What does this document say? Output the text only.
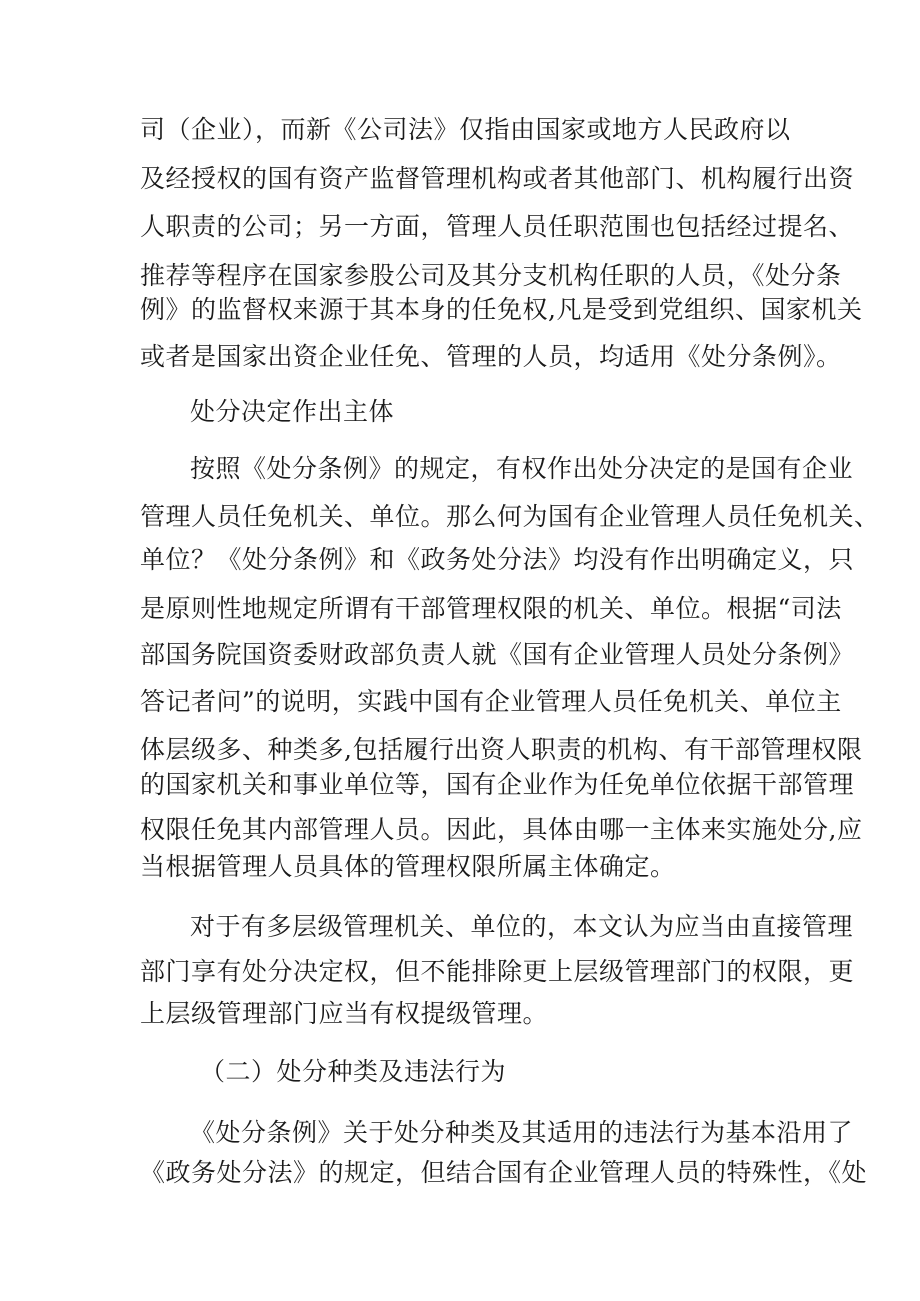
司（企业），而新《公司法》仅指由国家或地方人民政府以
及经授权的国有资产监督管理机构或者其他部门、机构履行出资
人职责的公司；另一方面，管理人员任职范围也包括经过提名、
推荐等程序在国家参股公司及其分支机构任职的人员，《处分条
例》的监督权来源于其本身的任免权,凡是受到党组织、国家机关
或者是国家出资企业任免、管理的人员，均适用《处分条例》。
处分决定作出主体
按照《处分条例》的规定，有权作出处分决定的是国有企业
管理人员任免机关、单位。那么何为国有企业管理人员任免机关、
单位？《处分条例》和《政务处分法》均没有作出明确定义，只
是原则性地规定所谓有干部管理权限的机关、单位。根据“司法
部国务院国资委财政部负责人就《国有企业管理人员处分条例》
答记者问”的说明，实践中国有企业管理人员任免机关、单位主
体层级多、种类多,包括履行出资人职责的机构、有干部管理权限
的国家机关和事业单位等，国有企业作为任免单位依据干部管理
权限任免其内部管理人员。因此，具体由哪一主体来实施处分,应
当根据管理人员具体的管理权限所属主体确定。
对于有多层级管理机关、单位的，本文认为应当由直接管理
部门享有处分决定权，但不能排除更上层级管理部门的权限，更
上层级管理部门应当有权提级管理。
（二）处分种类及违法行为
《处分条例》关于处分种类及其适用的违法行为基本沿用了
《政务处分法》的规定，但结合国有企业管理人员的特殊性，《处
